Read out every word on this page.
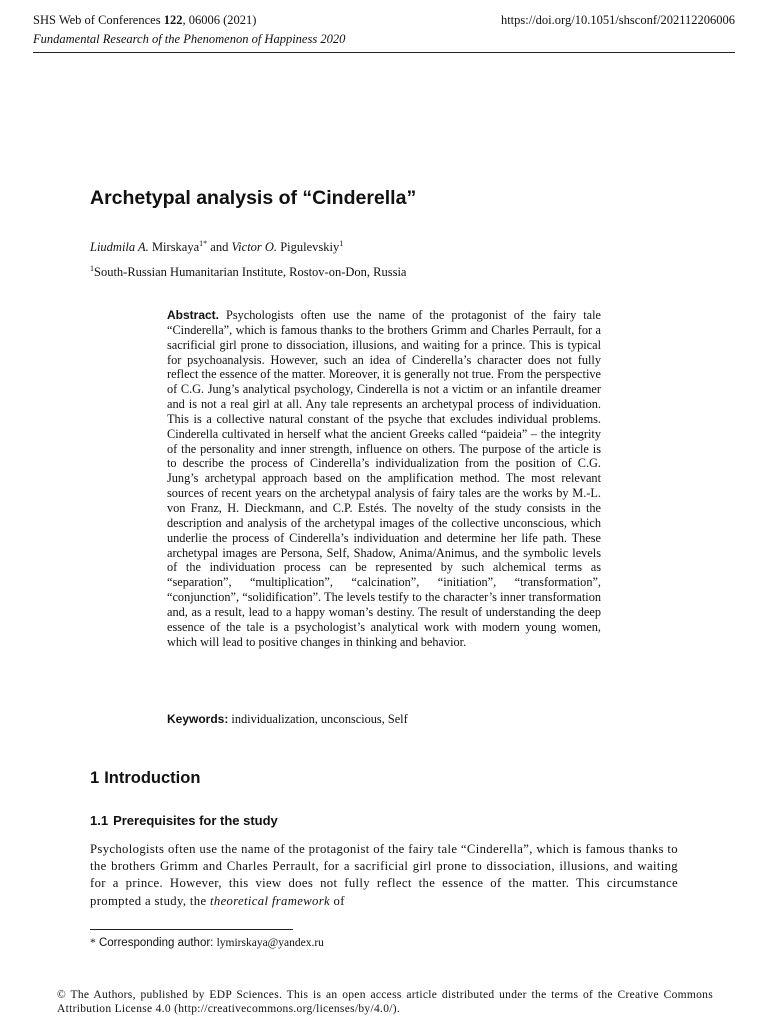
SHS Web of Conferences 122, 06006 (2021)	https://doi.org/10.1051/shsconf/202112206006
Fundamental Research of the Phenomenon of Happiness 2020
Archetypal analysis of “Cinderella”
Liudmila A. Mirskaya$^{1*}$ and Victor O. Pigulevskiy$^1$
$^1$South-Russian Humanitarian Institute, Rostov-on-Don, Russia

Abstract. Psychologists often use the name of the protagonist of the fairy tale “Cinderella”, which is famous thanks to the brothers Grimm and Charles Perrault, for a sacrificial girl prone to dissociation, illusions, and waiting for a prince. This is typical for psychoanalysis. However, such an idea of Cinderella’s character does not fully reflect the essence of the matter. Moreover, it is generally not true. From the perspective of C.G. Jung’s analytical psychology, Cinderella is not a victim or an infantile dreamer and is not a real girl at all. Any tale represents an archetypal process of individuation. This is a collective natural constant of the psyche that excludes individual problems. Cinderella cultivated in herself what the ancient Greeks called “paideia” – the integrity of the personality and inner strength, influence on others. The purpose of the article is to describe the process of Cinderella’s individualization from the position of C.G. Jung’s archetypal approach based on the amplification method. The most relevant sources of recent years on the archetypal analysis of fairy tales are the works by M.-L. von Franz, H. Dieckmann, and C.P. Estés. The novelty of the study consists in the description and analysis of the archetypal images of the collective unconscious, which underlie the process of Cinderella’s individuation and determine her life path. These archetypal images are Persona, Self, Shadow, Anima/Animus, and the symbolic levels of the individuation process can be represented by such alchemical terms as “separation”, “multiplication”, “calcination”, “initiation”, “transformation”, “conjunction”, “solidification”. The levels testify to the character’s inner transformation and, as a result, lead to a happy woman’s destiny. The result of understanding the deep essence of the tale is a psychologist’s analytical work with modern young women, which will lead to positive changes in thinking and behavior.

Keywords: individualization, unconscious, Self
1 Introduction
1.1 Prerequisites for the study

Psychologists often use the name of the protagonist of the fairy tale “Cinderella”, which is famous thanks to the brothers Grimm and Charles Perrault, for a sacrificial girl prone to dissociation, illusions, and waiting for a prince. However, this view does not fully reflect the essence of the matter. This circumstance prompted a study, the theoretical framework of

* Corresponding author: lymirskaya@yandex.ru

© The Authors, published by EDP Sciences. This is an open access article distributed under the terms of the Creative Commons Attribution License 4.0 (http://creativecommons.org/licenses/by/4.0/).
